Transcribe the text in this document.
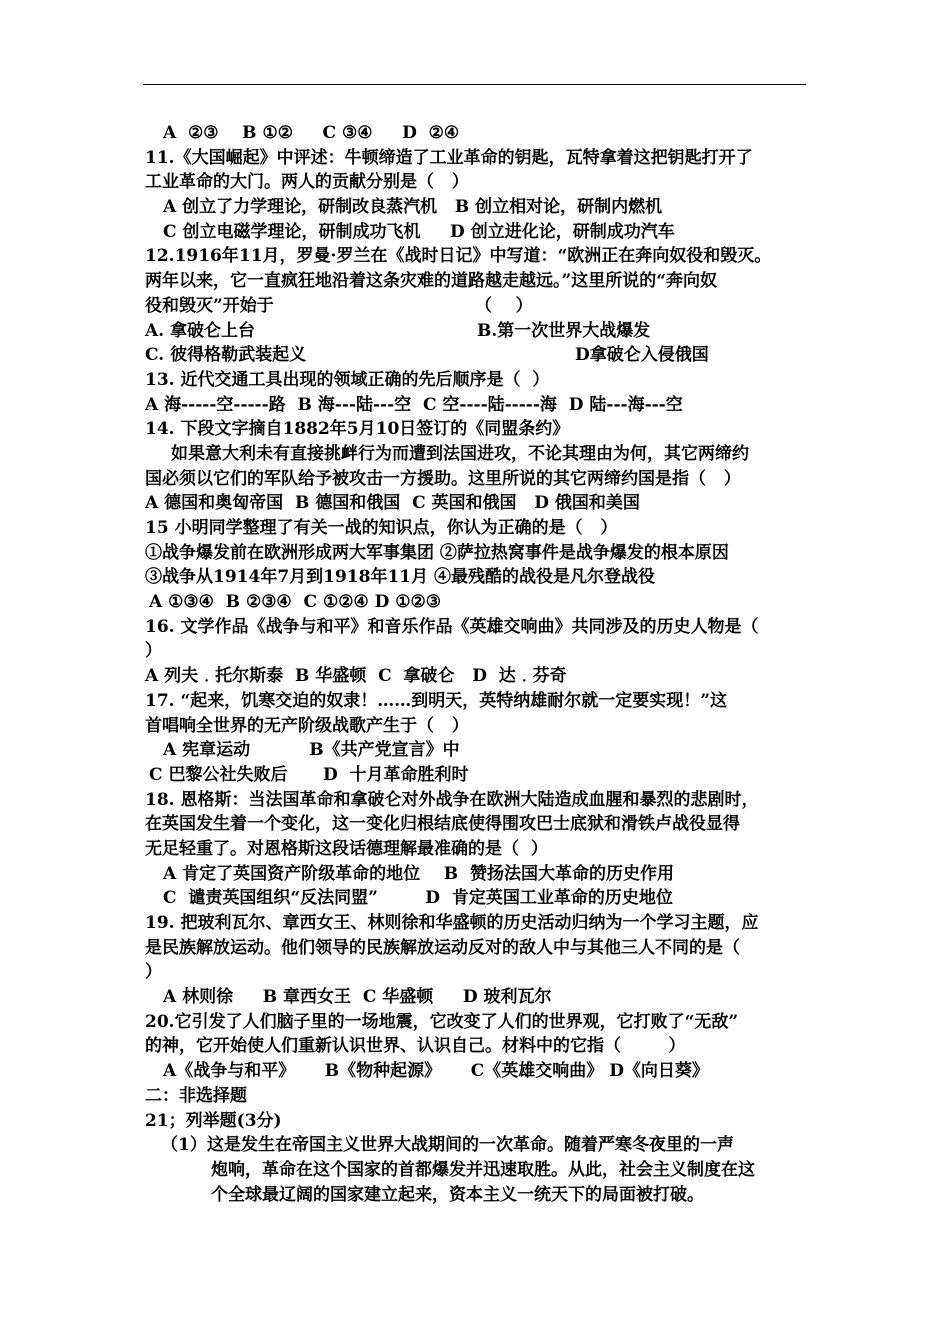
A  ②③    B ①②     C ③④     D  ②④
11.《大国崛起》中评述：牛顿缔造了工业革命的钥匙，瓦特拿着这把钥匙打开了
工业革命的大门。两人的贡献分别是（   ）
A 创立了力学理论，研制改良蒸汽机   B 创立相对论，研制内燃机
C 创立电磁学理论，研制成功飞机     D 创立进化论，研制成功汽车
12.1916年11月，罗曼·罗兰在《战时日记》中写道：“欧洲正在奔向奴役和毁灭。
两年以来，它一直疯狂地沿着这条灾难的道路越走越远。”这里所说的“奔向奴
役和毁灭”开始于                                  （    ）
A. 拿破仑上台	B.第一次世界大战爆发
C. 彼得格勒武装起义	D拿破仑入侵俄国
13. 近代交通工具出现的领域正确的先后顺序是（  ）
A 海-----空-----路  B 海---陆---空  C 空----陆-----海  D 陆---海---空
14. 下段文字摘自1882年5月10日签订的《同盟条约》
如果意大利未有直接挑衅行为而遭到法国进攻，不论其理由为何，其它两缔约
国必须以它们的军队给予被攻击一方援助。这里所说的其它两缔约国是指（   ）
A 德国和奥匈帝国  B 德国和俄国  C 英国和俄国   D 俄国和美国
15 小明同学整理了有关一战的知识点，你认为正确的是（   ）
①战争爆发前在欧洲形成两大军事集团 ②萨拉热窝事件是战争爆发的根本原因
③战争从1914年7月到1918年11月 ④最残酷的战役是凡尔登战役
A ①③④  B ②③④  C ①②④ D ①②③
16. 文学作品《战争与和平》和音乐作品《英雄交响曲》共同涉及的历史人物是（
）
A 列夫﹒托尔斯泰  B 华盛顿  C  拿破仑   D  达﹒芬奇
17. “起来，饥寒交迫的奴隶！……到明天，英特纳雄耐尔就一定要实现！”这
首唱响全世界的无产阶级战歌产生于（   ）
A 宪章运动          B《共产党宣言》中
C 巴黎公社失败后      D  十月革命胜利时
18. 恩格斯：当法国革命和拿破仑对外战争在欧洲大陆造成血腥和暴烈的悲剧时，
在英国发生着一个变化，这一变化归根结底使得围攻巴士底狱和滑铁卢战役显得
无足轻重了。对恩格斯这段话德理解最准确的是（  ）
A 肯定了英国资产阶级革命的地位    B  赞扬法国大革命的历史作用
C  谴责英国组织“反法同盟”        D  肯定英国工业革命的历史地位
19. 把玻利瓦尔、章西女王、林则徐和华盛顿的历史活动归纳为一个学习主题，应
是民族解放运动。他们领导的民族解放运动反对的敌人中与其他三人不同的是（
）
A 林则徐     B 章西女王  C 华盛顿     D 玻利瓦尔
20.它引发了人们脑子里的一场地震，它改变了人们的世界观，它打败了“无敌”
的神，它开始使人们重新认识世界、认识自己。材料中的它指（        ）
A《战争与和平》     B《物种起源》     C《英雄交响曲》 D《向日葵》
二：非选择题
21；列举题(3分)
（1）这是发生在帝国主义世界大战期间的一次革命。随着严寒冬夜里的一声
炮响，革命在这个国家的首都爆发并迅速取胜。从此，社会主义制度在这
个全球最辽阔的国家建立起来，资本主义一统天下的局面被打破。
